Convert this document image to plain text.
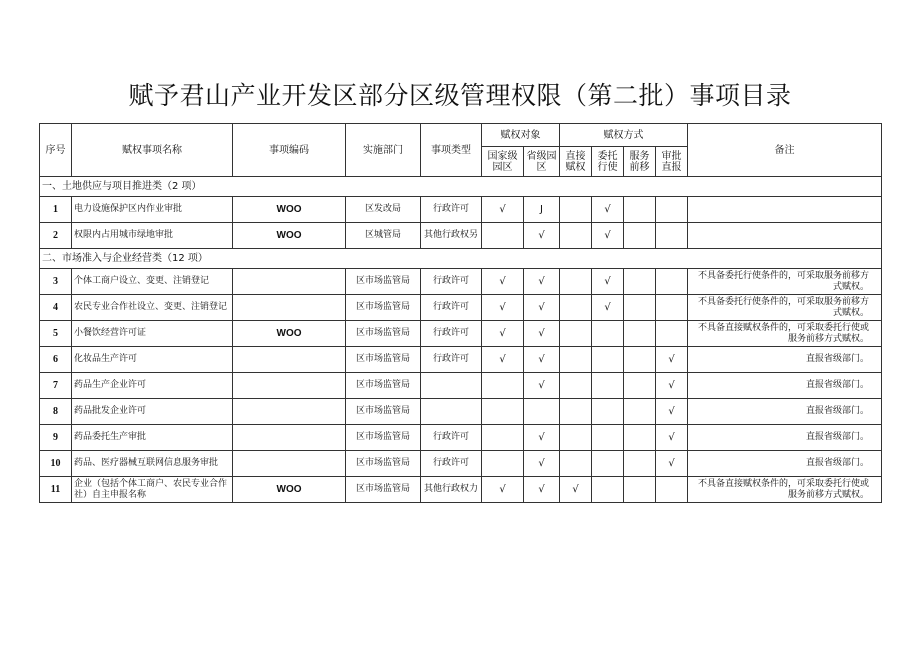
赋予君山产业开发区部分区级管理权限（第二批）事项目录
序号	赋权事项名称	事项编码	实施部门	事项类型	赋权对象		赋权方式				备注
					国家级园区	省级园区	直接赋权	委托行使	服务前移	审批直报	
一、土地供应与项目推进类（2 项）											
1	电力设施保护区内作业审批	WOO	区发改局	行政许可	√	J		√			
2	权限内占用城市绿地审批	WOO	区城管局	其他行政权另		√		√			
二、市场准入与企业经营类（12 项）											
3	个体工商户设立、变更、注销登记		区市场监管局	行政许可	√	√		√			不具备委托行使条件的，可采取服务前移方式赋权。
4	农民专业合作社设立、变更、注销登记		区市场监管局	行政许可	√	√		√			不具备委托行使条件的，可采取服务前移方式赋权。
5	小餐饮经营许可证	WOO	区市场监管局	行政许可	√	√					不具备直接赋权条件的，可采取委托行使或服务前移方式赋权。
6	化妆品生产许可		区市场监管局	行政许可	√	√				√	直报省级部门。
7	药品生产企业许可		区市场监管局			√				√	直报省级部门。
8	药品批发企业许可		区市场监管局							√	直报省级部门。
9	药品委托生产审批		区市场监管局	行政许可		√				√	直报省级部门。
10	药品、医疗器械互联网信息服务审批		区市场监管局	行政许可		√				√	直报省级部门。
11	企业（包括个体工商户、农民专业合作社）自主申报名称	WOO	区市场监管局	其他行政权力	√	√	√				不具备直接赋权条件的，可采取委托行使或服务前移方式赋权。
